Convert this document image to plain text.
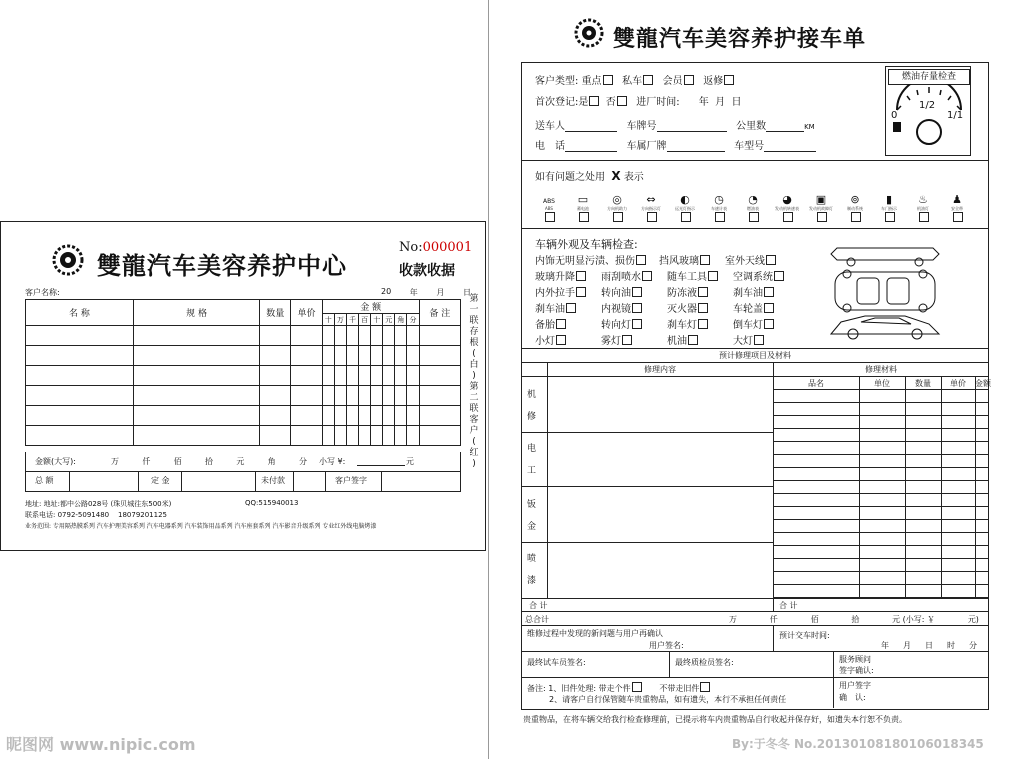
雙龍汽车美容养护中心
No:000001
收款收据
客户名称:	20 年 月 日
名 称	规 格	数量	单价	金 额								备 注
				十	万	千	百	十	元	角	分	

第
一
联
存
根
(
白
)
第
二
联
客
户
(
红
)
金额(大写):	万	仟	佰	拾	元	角	分 小写 ¥:	元
总 额	定 金	未付款	客户签字
地址: 地址:都中公路028号 (珠贝城往东500米)	QQ:515940013
联系电话: 0792-5091480    18079201125
业务范围: 专用隔热膜系列 汽车护理美容系列 汽车电器系列 汽车装饰用品系列 汽车座套系列 汽车影音升级系列 专业红外线电脑烤漆
雙龍汽车美容养护接车单
客户类型: 重点 私车 会员 返修
首次登记:是 否 进厂时间: 年 月 日
送车人	车牌号	公里数	KM
电　话	车属厂牌	车型号
燃油存量检查
0
1/2
1/1
如有问题之处用 X 表示
ABS
ABS
▭
蓄电池
◎
方向机助力
⇔
方向指示灯
◐
远光灯指示
◷
车速计表
◔
燃油表
◕
发动机转速表
▣
发动机故障灯
⊚
制动系统
▮
车门指示
♨
机油灯
♟
安全带
车辆外观及车辆检查:
内饰无明显污渍、损伤	挡风玻璃	室外天线
玻璃升降	雨刮喷水	随车工具	空调系统
内外拉手	转向油	防冻液	刹车油
刹车油	内视镜	灭火器	车轮盖
备胎	转向灯	刹车灯	倒车灯
小灯	雾灯	机油	大灯
预计修理项目及材料
修理内容	修理材料
品名	单位	数量	单价	金额
机修
电工
钣金
喷漆
合 计	合 计
总合计	万	仟	佰	拾	元 (小写: ￥	元)
维修过程中发现的新问题与用户再确认
用户签名:
预计交车时间:
年 月 日 时 分
最终试车员签名:	最终质检员签名:	服务顾问
签字确认:
备注: 1、旧件处理: 带走个件	不带走旧件
2、请客户自行保管随车贵重物品，如有遗失，本行不承担任何责任
用户签字
确　认:
贵重物品，在将车辆交给我行检查修理前，已提示将车内贵重物品自行收起并保存好，如遗失本行恕不负责。
昵图网 www.nipic.com	By:于冬冬 No.20130108180106018345
